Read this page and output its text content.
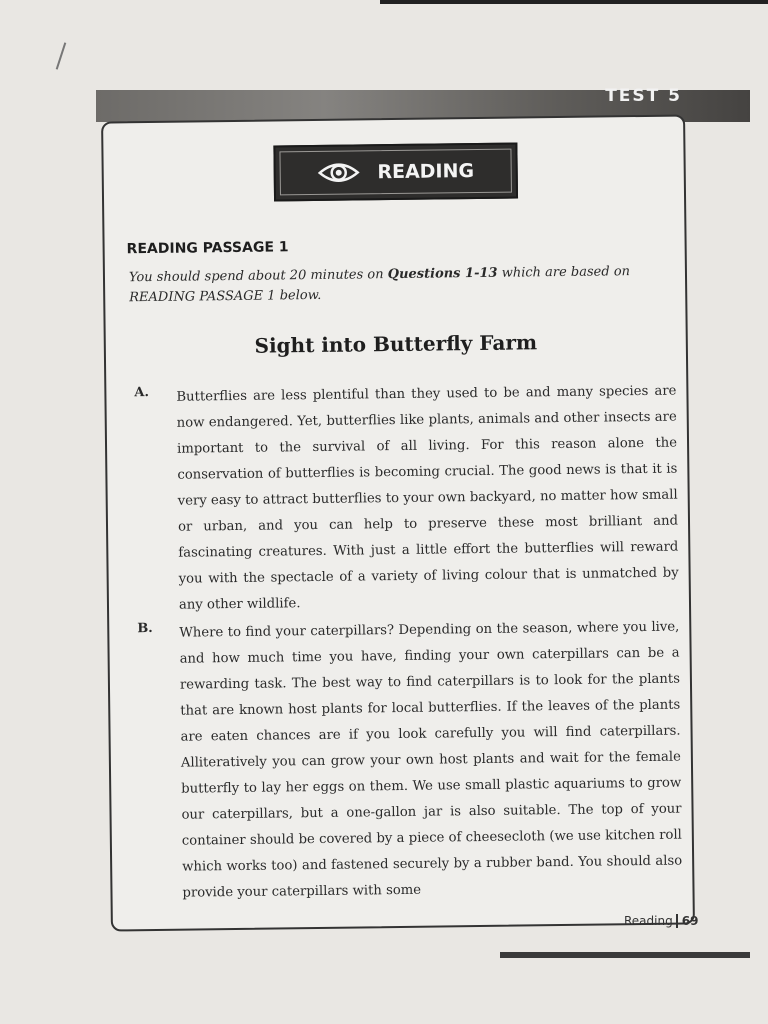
TEST 5
READING
READING PASSAGE 1
You should spend about 20 minutes on Questions 1-13 which are based on READING PASSAGE 1 below.
Sight into Butterfly Farm
A. Butterflies are less plentiful than they used to be and many species are now endangered. Yet, butterflies like plants, animals and other insects are important to the survival of all living. For this reason alone the conservation of butterflies is becoming crucial. The good news is that it is very easy to attract butterflies to your own backyard, no matter how small or urban, and you can help to preserve these most brilliant and fascinating creatures. With just a little effort the butterflies will reward you with the spectacle of a variety of living colour that is unmatched by any other wildlife.
B. Where to find your caterpillars? Depending on the season, where you live, and how much time you have, finding your own caterpillars can be a rewarding task. The best way to find caterpillars is to look for the plants that are known host plants for local butterflies. If the leaves of the plants are eaten chances are if you look carefully you will find caterpillars. Alliteratively you can grow your own host plants and wait for the female butterfly to lay her eggs on them. We use small plastic aquariums to grow our caterpillars, but a one-gallon jar is also suitable. The top of your container should be covered by a piece of cheesecloth (we use kitchen roll which works too) and fastened securely by a rubber band. You should also provide your caterpillars with some
Reading 69
